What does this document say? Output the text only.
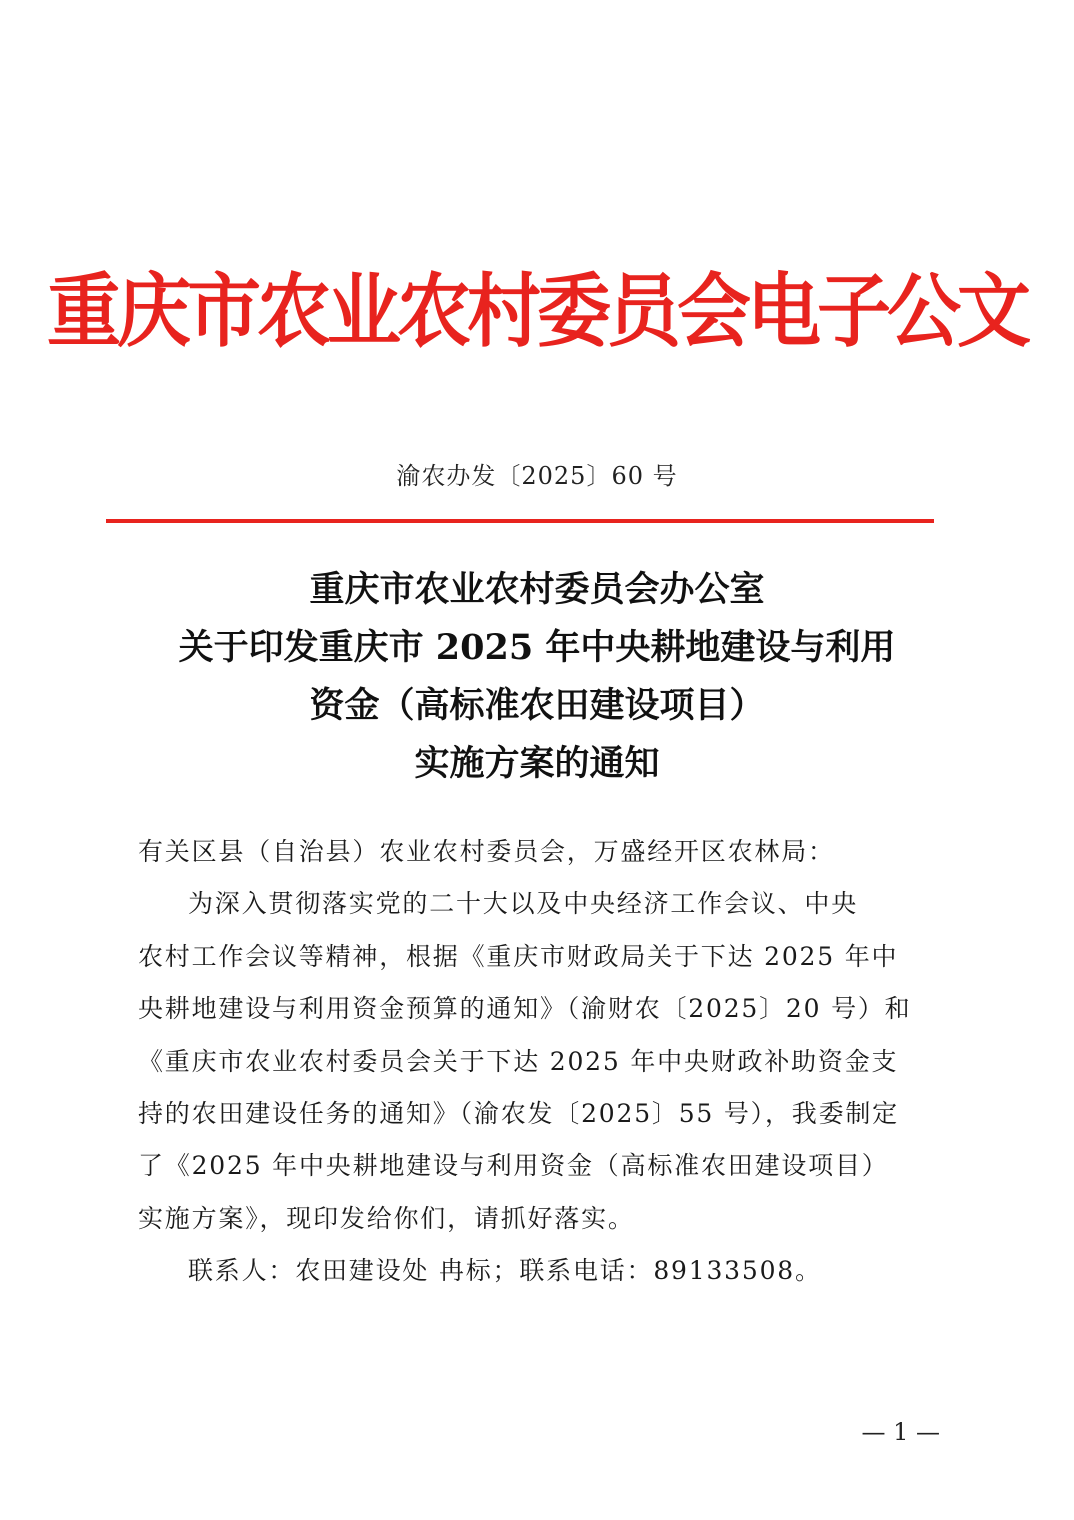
重庆市农业农村委员会电子公文
渝农办发〔2025〕60 号
重庆市农业农村委员会办公室
关于印发重庆市 2025 年中央耕地建设与利用
资金（高标准农田建设项目）
实施方案的通知

有关区县（自治县）农业农村委员会，万盛经开区农林局：

为深入贯彻落实党的二十大以及中央经济工作会议、中央
农村工作会议等精神，根据《重庆市财政局关于下达 2025 年中
央耕地建设与利用资金预算的通知》（渝财农〔2025〕20 号）和
《重庆市农业农村委员会关于下达 2025 年中央财政补助资金支
持的农田建设任务的通知》（渝农发〔2025〕55 号），我委制定
了《2025 年中央耕地建设与利用资金（高标准农田建设项目）
实施方案》，现印发给你们，请抓好落实。

联系人：农田建设处 冉标；联系电话：89133508。

— 1 —
